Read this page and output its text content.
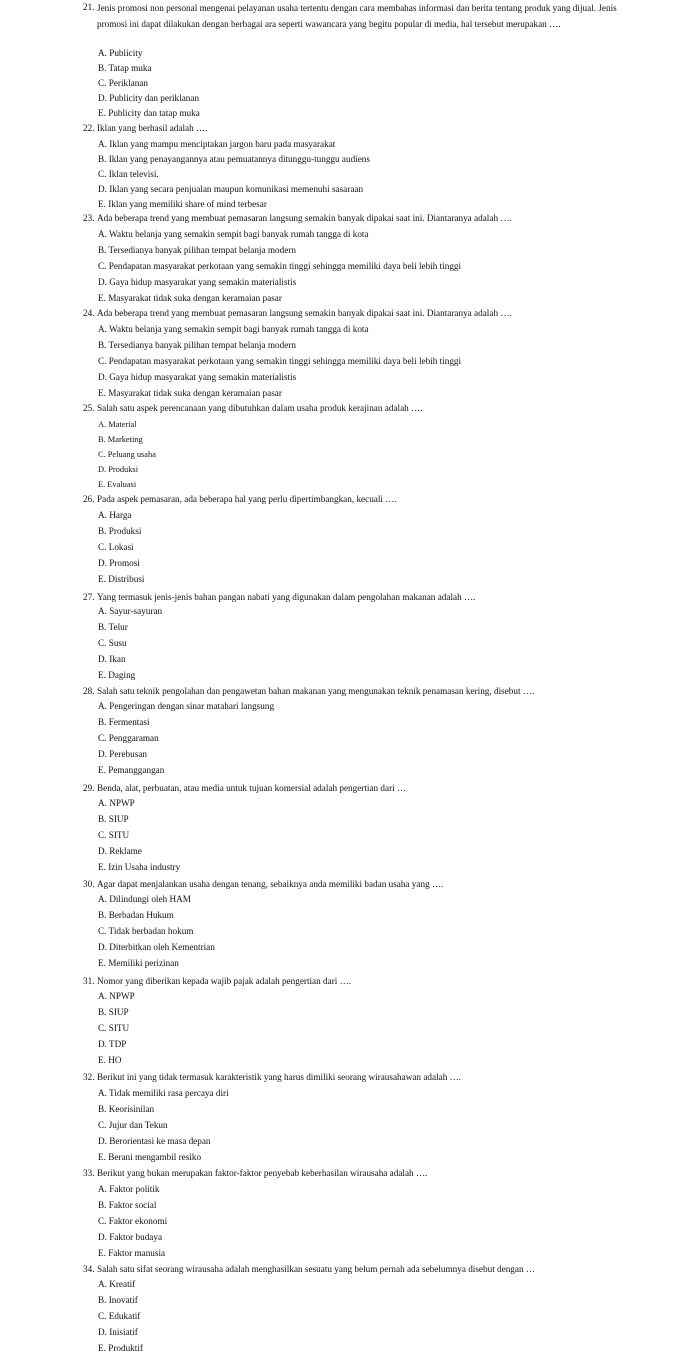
21. Jenis promosi non personal mengenai pelayanan usaha tertentu dengan cara membahas informasi dan berita tentang produk yang dijual. Jenis promosi ini dapat dilakukan dengan berbagai ara seperti wawancara yang begitu popular di media, hal tersebut merupakan ….
A. Publicity
B. Tatap muka
C. Periklanan
D. Publicity dan periklanan
E. Publicity dan tatap muka
22. Iklan yang berhasil adalah ….
A. Iklan yang mampu menciptakan jargon baru pada masyarakat
B. Iklan yang penayangannya atau pemuatannya ditunggu-tunggu audiens
C. Iklan televisi.
D. Iklan yang secara penjualan maupun komunikasi memenuhi sasaraan
E. Iklan yang memiliki share of mind terbesar
23. Ada beberapa trend yang membuat pemasaran langsung semakin banyak dipakai saat ini. Diantaranya adalah ….
A. Waktu belanja yang semakin sempit bagi banyak rumah tangga di kota
B. Tersedianya banyak pilihan tempat belanja modern
C. Pendapatan masyarakat perkotaan yang semakin tinggi sehingga memiliki daya beli lebih tinggi
D. Gaya hidup masyarakat yang semakin materialistis
E. Masyarakat tidak suka dengan keramaian pasar
24. Ada beberapa trend yang membuat pemasaran langsung semakin banyak dipakai saat ini. Diantaranya adalah ….
A. Waktu belanja yang semakin sempit bagi banyak rumah tangga di kota
B. Tersedianya banyak pilihan tempat belanja modern
C. Pendapatan masyarakat perkotaan yang semakin tinggi sehingga memiliki daya beli lebih tinggi
D. Gaya hidup masyarakat yang semakin materialistis
E. Masyarakat tidak suka dengan keramaian pasar
25. Salah satu aspek perencanaan yang dibutuhkan dalam usaha produk kerajinan adalah ….
A. Material
B. Marketing
C. Peluang usaha
D. Produksi
E. Evaluasi
26. Pada aspek pemasaran, ada beberapa hal yang perlu dipertimbangkan, kecuali ….
A. Harga
B. Produksi
C. Lokasi
D. Promosi
E. Distribusi
27. Yang termasuk jenis-jenis bahan pangan nabati yang digunakan dalam pengolahan makanan adalah ….
A. Sayur-sayuran
B. Telur
C. Susu
D. Ikan
E. Daging
28. Salah satu teknik pengolahan dan pengawetan bahan makanan yang mengunakan teknik penamasan kering, disebut ….
A. Pengeringan dengan sinar matahari langsung
B. Fermentasi
C. Penggaraman
D. Perebusan
E. Pemanggangan
29. Benda, alat, perbuatan, atau media untuk tujuan komersial adalah pengertian dari …
A. NPWP
B. SIUP
C. SITU
D. Reklame
E. Izin Usaha industry
30. Agar dapat menjalankan usaha dengan tenang, sebaiknya anda memiliki badan usaha yang ….
A. Dilindungi oleh HAM
B. Berbadan Hukum
C. Tidak berbadan hokum
D. Diterbitkan oleh Kementrian
E. Memiliki perizinan
31. Nomor yang diberikan kepada wajib pajak adalah pengertian dari ….
A. NPWP
B. SIUP
C. SITU
D. TDP
E. HO
32. Berikut ini yang tidak termasuk karakteristik yang harus dimiliki seorang wirausahawan adalah ….
A. Tidak memiliki rasa percaya diri
B. Keorisinilan
C. Jujur dan Tekun
D. Berorientasi ke masa depan
E. Berani mengambil resiko
33. Berikut yang bukan merupakan faktor-faktor penyebab keberhasilan wirausaha adalah ….
A. Faktor politik
B. Faktor social
C. Faktor ekonomi
D. Faktor budaya
E. Faktor manusia
34. Salah satu sifat seorang wirausaha adalah menghasilkan sesuatu yang belum pernah ada sebelumnya disebut dengan …
A. Kreatif
B. Inovatif
C. Edukatif
D. Inisiatif
E. Produktif
